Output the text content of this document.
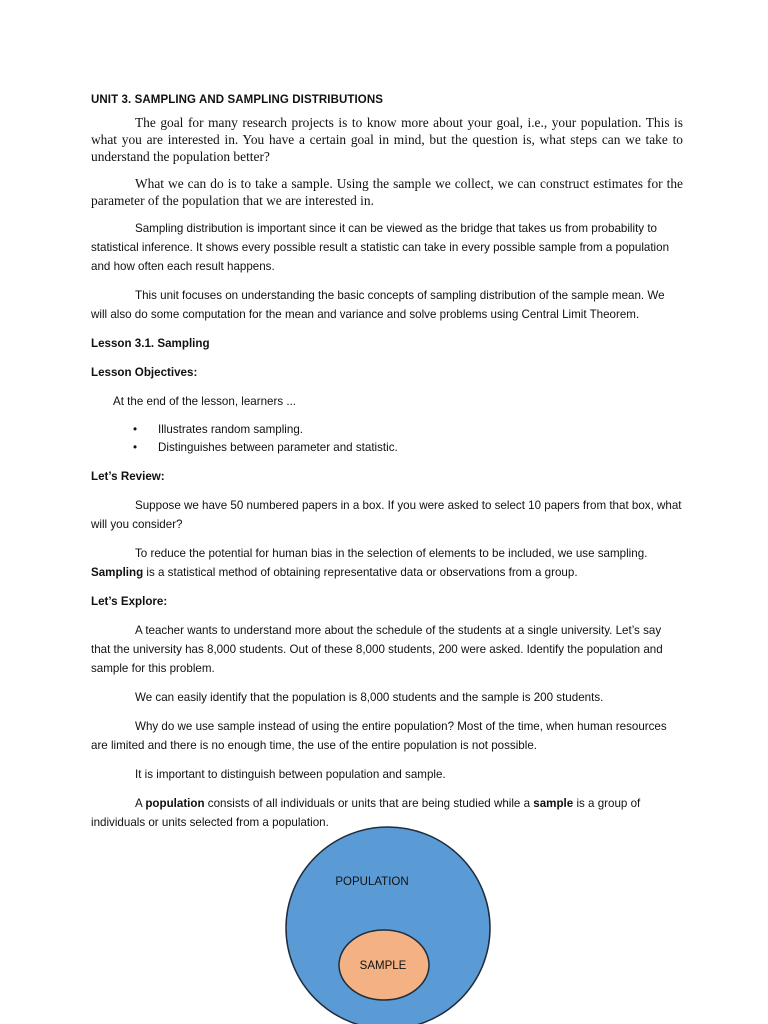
UNIT 3. SAMPLING AND SAMPLING DISTRIBUTIONS

The goal for many research projects is to know more about your goal, i.e., your population. This is what you are interested in. You have a certain goal in mind, but the question is, what steps can we take to understand the population better?

What we can do is to take a sample. Using the sample we collect, we can construct estimates for the parameter of the population that we are interested in.

Sampling distribution is important since it can be viewed as the bridge that takes us from probability to statistical inference. It shows every possible result a statistic can take in every possible sample from a population and how often each result happens.

This unit focuses on understanding the basic concepts of sampling distribution of the sample mean. We will also do some computation for the mean and variance and solve problems using Central Limit Theorem.

Lesson 3.1. Sampling

Lesson Objectives:

At the end of the lesson, learners ...

• Illustrates random sampling.
• Distinguishes between parameter and statistic.

Let’s Review:

Suppose we have 50 numbered papers in a box. If you were asked to select 10 papers from that box, what will you consider?

To reduce the potential for human bias in the selection of elements to be included, we use sampling. Sampling is a statistical method of obtaining representative data or observations from a group.

Let’s Explore:

A teacher wants to understand more about the schedule of the students at a single university. Let’s say that the university has 8,000 students. Out of these 8,000 students, 200 were asked. Identify the population and sample for this problem.

We can easily identify that the population is 8,000 students and the sample is 200 students.

Why do we use sample instead of using the entire population? Most of the time, when human resources are limited and there is no enough time, the use of the entire population is not possible.

It is important to distinguish between population and sample.

A population consists of all individuals or units that are being studied while a sample is a group of individuals or units selected from a population.

POPULATION
SAMPLE
